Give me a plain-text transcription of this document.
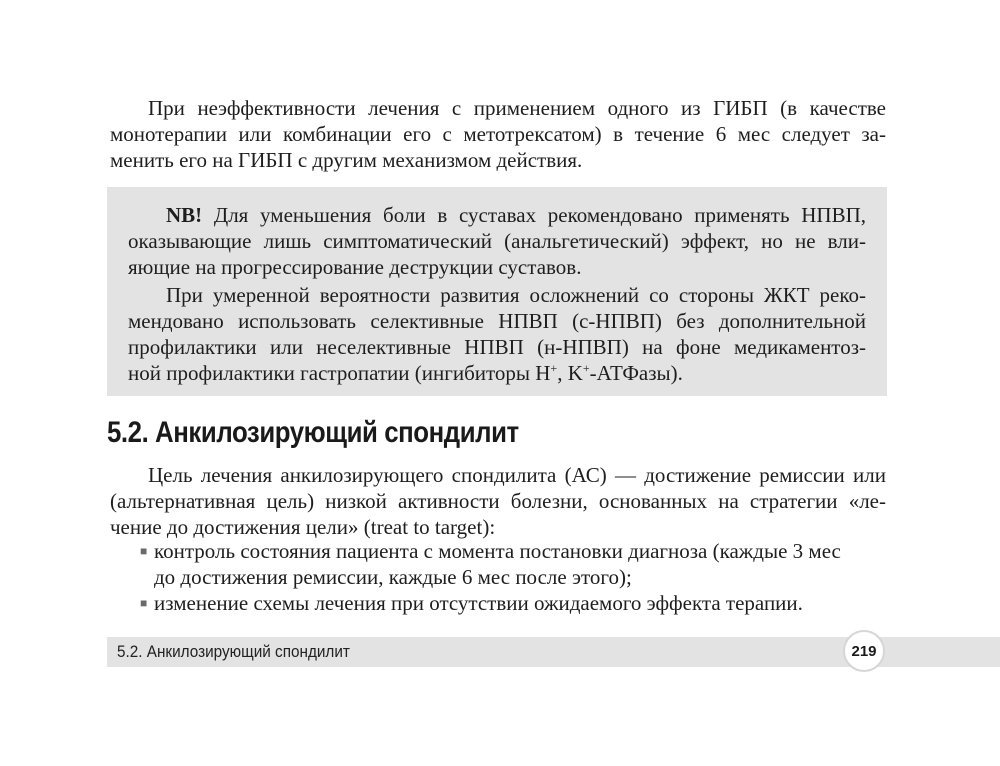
При неэффективности лечения с применением одного из ГИБП (в качестве
монотерапии или комбинации его с метотрексатом) в течение 6 мес следует за-
менить его на ГИБП с другим механизмом действия.
NB! Для уменьшения боли в суставах рекомендовано применять НПВП,
оказывающие лишь симптоматический (анальгетический) эффект, но не вли-
яющие на прогрессирование деструкции суставов.
При умеренной вероятности развития осложнений со стороны ЖКТ реко-
мендовано использовать селективные НПВП (с-НПВП) без дополнительной
профилактики или неселективные НПВП (н-НПВП) на фоне медикаментоз-
ной профилактики гастропатии (ингибиторы H+, K+-АТФазы).
5.2. Анкилозирующий спондилит
Цель лечения анкилозирующего спондилита (АС) — достижение ремиссии или
(альтернативная цель) низкой активности болезни, основанных на стратегии «ле-
чение до достижения цели» (treat to target):
■ контроль состояния пациента с момента постановки диагноза (каждые 3 мес
до достижения ремиссии, каждые 6 мес после этого);
■ изменение схемы лечения при отсутствии ожидаемого эффекта терапии.
5.2. Анкилозирующий спондилит	219
